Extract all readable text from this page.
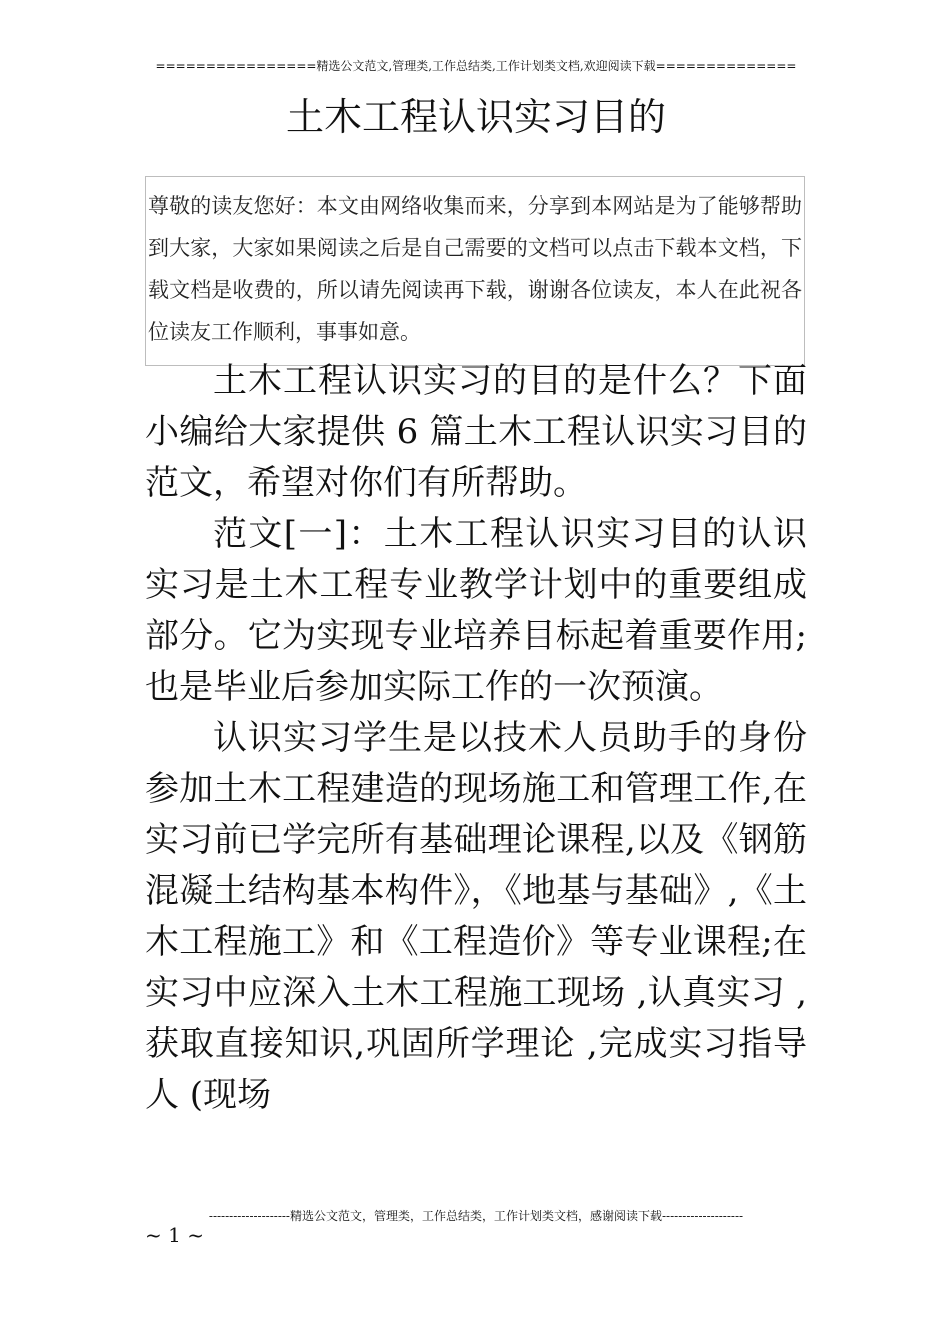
================精选公文范文,管理类,工作总结类,工作计划类文档,欢迎阅读下载==============
土木工程认识实习目的
尊敬的读友您好：本文由网络收集而来，分享到本网站是为了能够帮助到大家，大家如果阅读之后是自己需要的文档可以点击下载本文档，下载文档是收费的，所以请先阅读再下载，谢谢各位读友，本人在此祝各位读友工作顺利，事事如意。

土木工程认识实习的目的是什么？下面小编给大家提供 6 篇土木工程认识实习目的范文，希望对你们有所帮助。

范文[一]：土木工程认识实习目的认识实习是土木工程专业教学计划中的重要组成部分。它为实现专业培养目标起着重要作用;也是毕业后参加实际工作的一次预演。

认识实习学生是以技术人员助手的身份参加土木工程建造的现场施工和管理工作,在实习前已学完所有基础理论课程,以及《钢筋混凝土结构基本构件》，《地基与基础》,《土木工程施工》和《工程造价》等专业课程;在实习中应深入土木工程施工现场 ,认真实习 ,获取直接知识,巩固所学理论 ,完成实习指导人 (现场

--------------------精选公文范文，管理类，工作总结类，工作计划类文档，感谢阅读下载--------------------
~ 1 ~
